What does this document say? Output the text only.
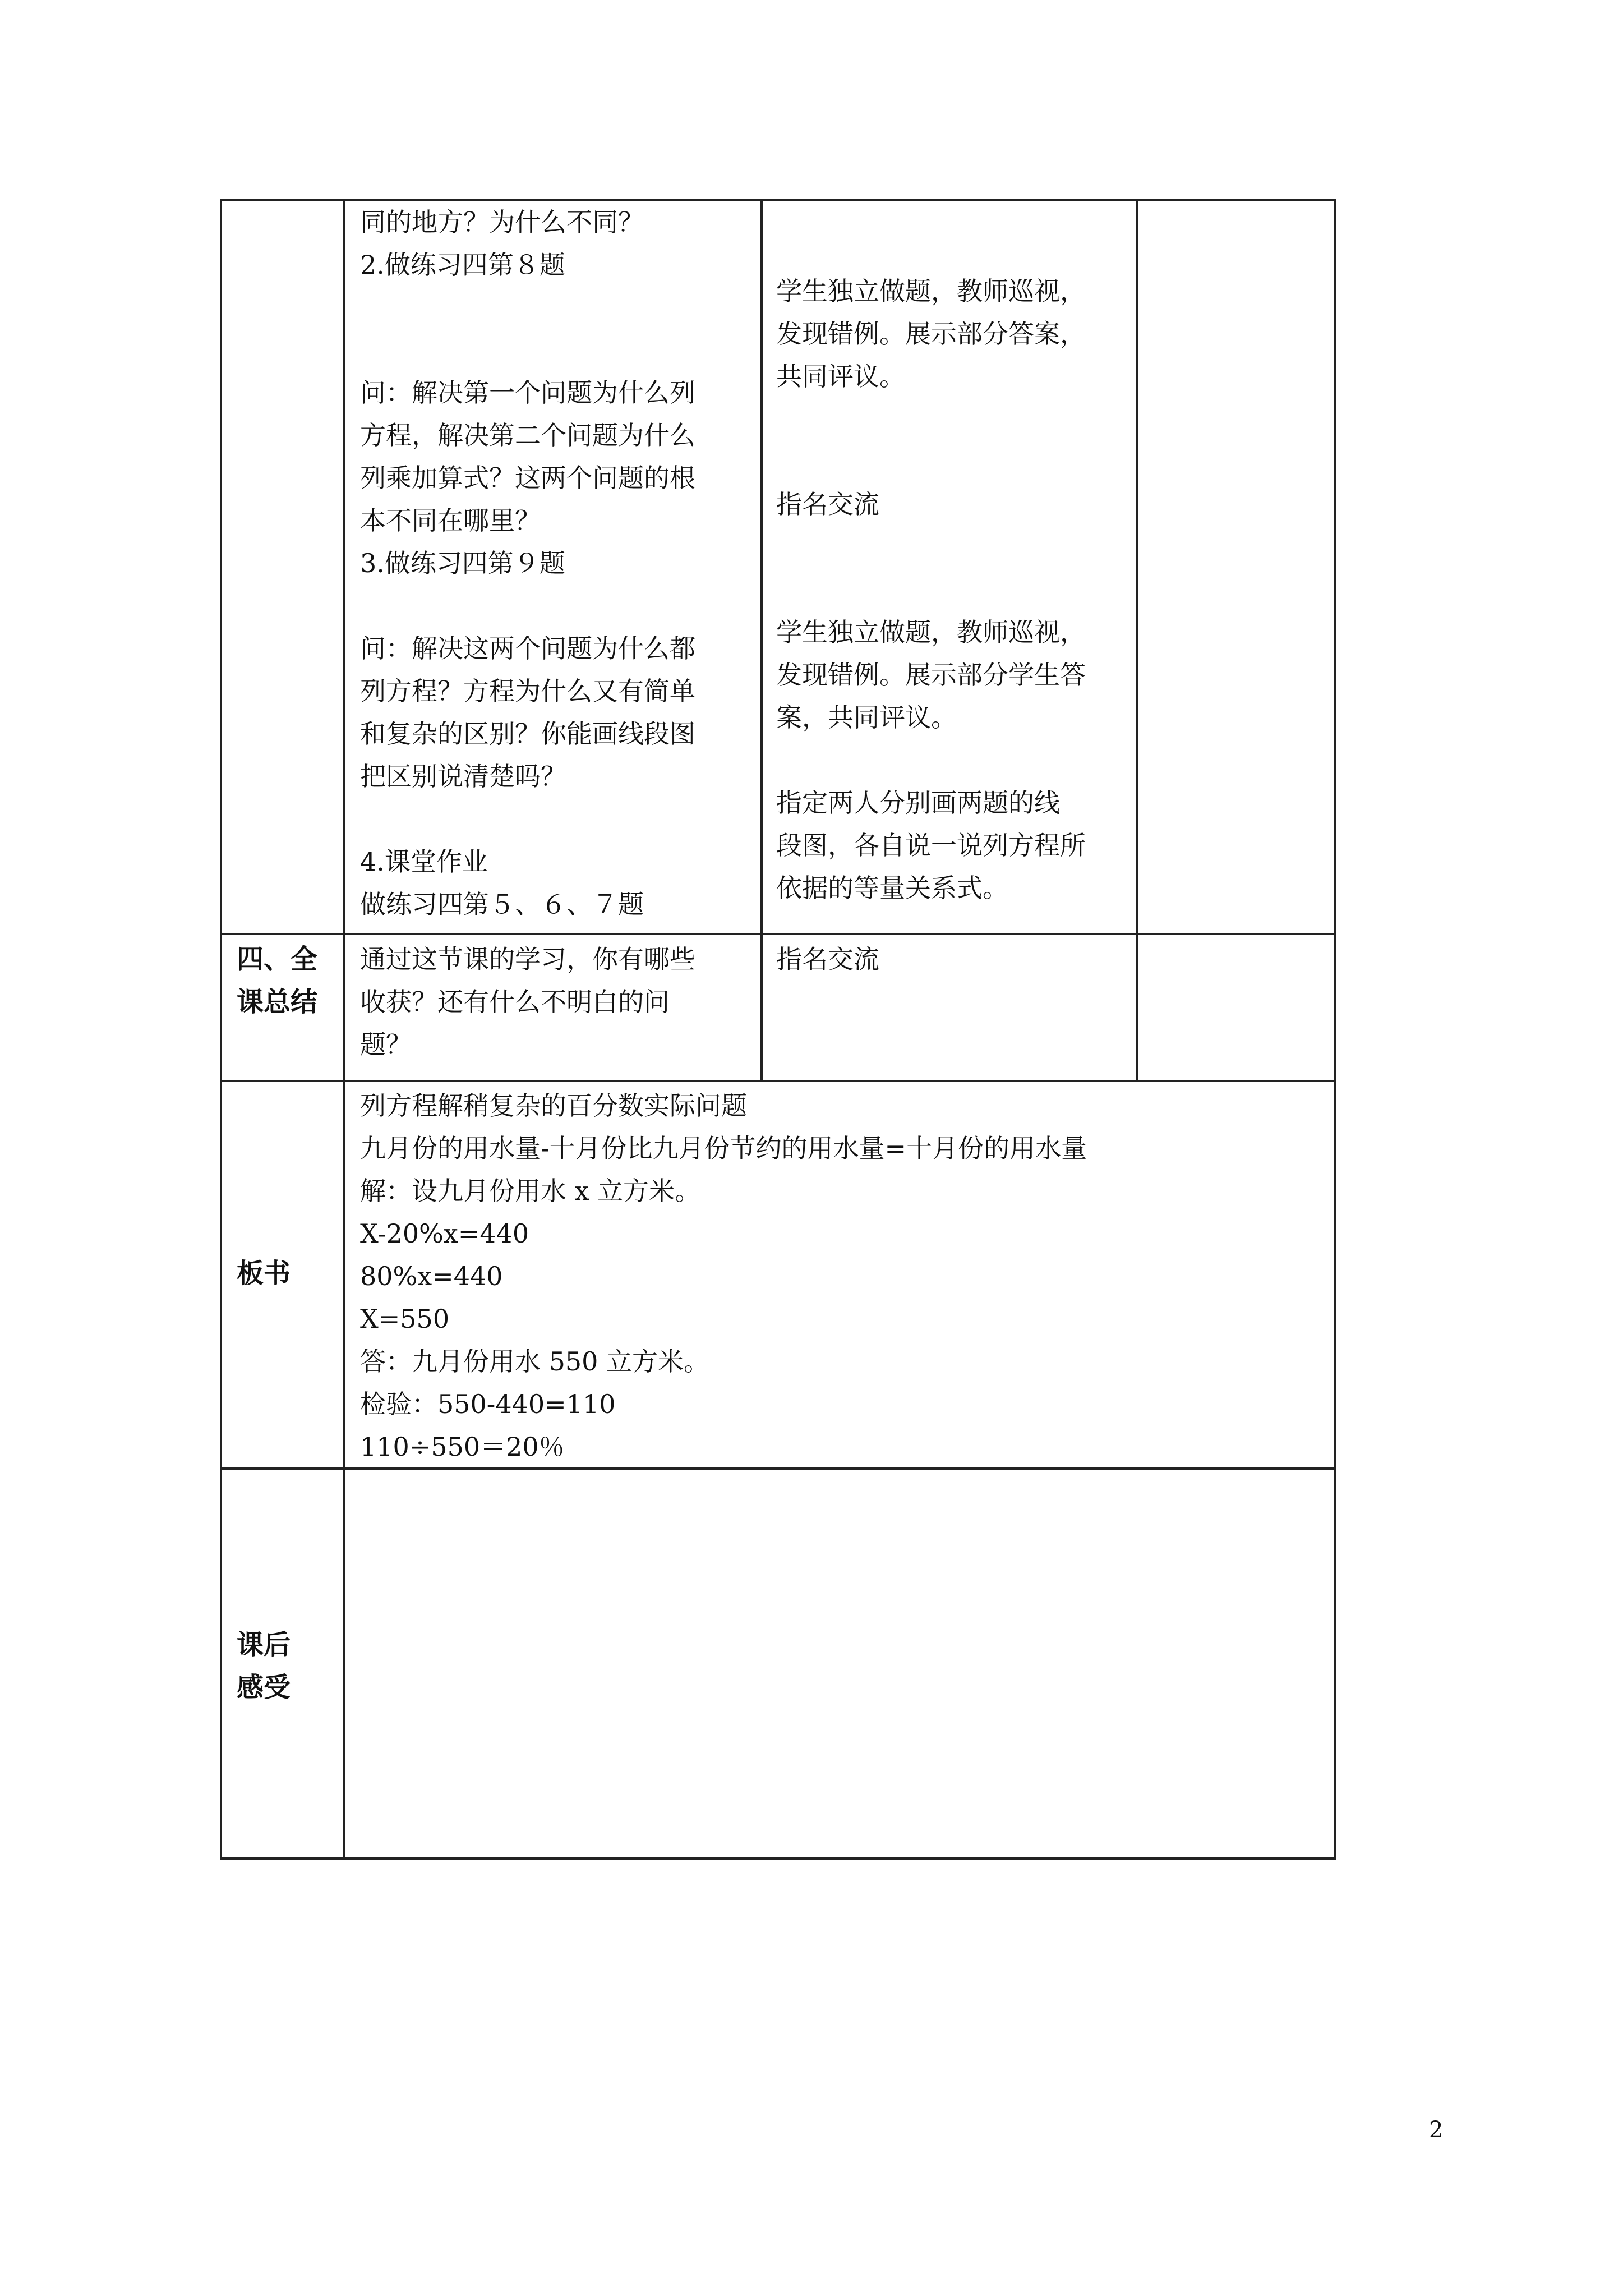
同的地方？为什么不同？
2.做练习四第８题
问：解决第一个问题为什么列
方程，解决第二个问题为什么
列乘加算式？这两个问题的根
本不同在哪里？
3.做练习四第９题
问：解决这两个问题为什么都
列方程？方程为什么又有简单
和复杂的区别？你能画线段图
把区别说清楚吗？
4.课堂作业
做练习四第５、６、７题
学生独立做题，教师巡视，
发现错例。展示部分答案，
共同评议。
指名交流
学生独立做题，教师巡视，
发现错例。展示部分学生答
案，共同评议。
指定两人分别画两题的线
段图，各自说一说列方程所
依据的等量关系式。
四、全
课总结
通过这节课的学习，你有哪些
收获？还有什么不明白的问
题？
指名交流
板书
列方程解稍复杂的百分数实际问题
九月份的用水量-十月份比九月份节约的用水量=十月份的用水量
解：设九月份用水 x 立方米。
X-20%x=440
80%x=440
X=550
答：九月份用水 550 立方米。
检验：550-440=110
110÷550＝20％
课后
感受
2
